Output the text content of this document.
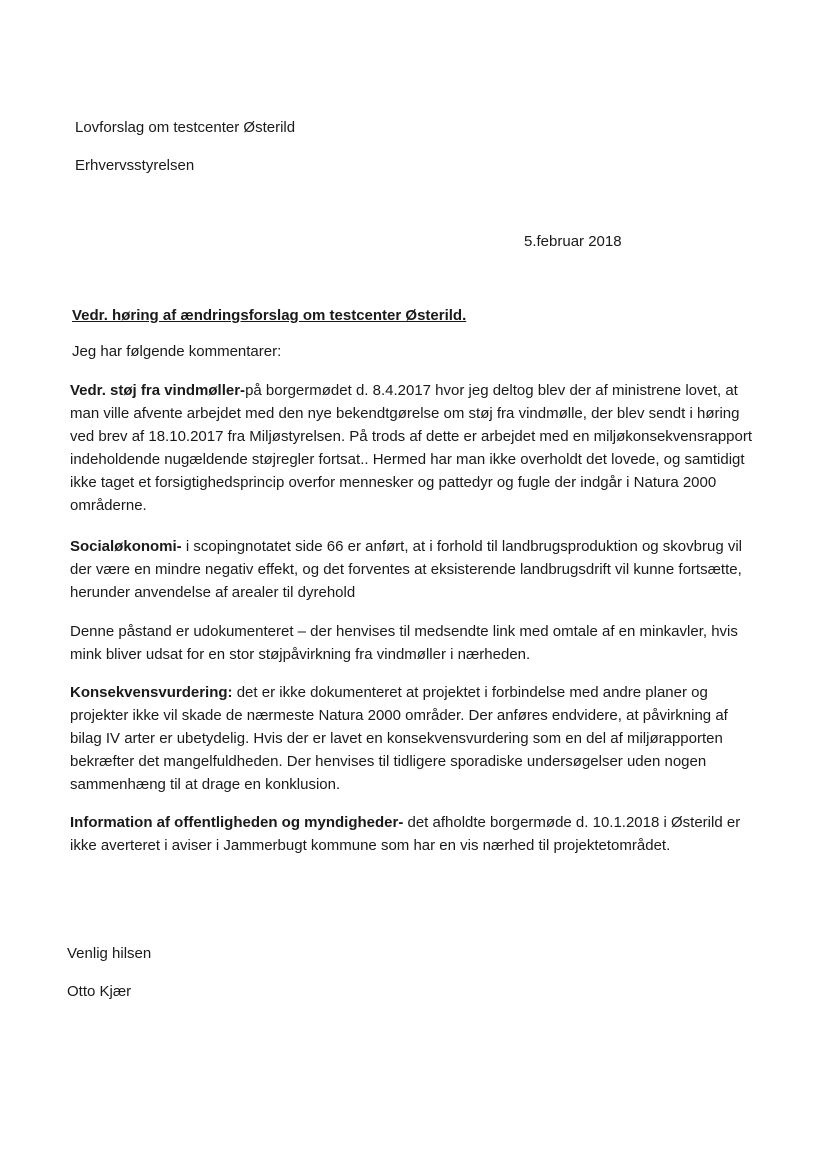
Lovforslag om testcenter Østerild
Erhvervsstyrelsen
5.februar 2018
Vedr. høring af ændringsforslag om testcenter Østerild.
Jeg har følgende kommentarer:

Vedr. støj fra vindmøller-på borgermødet d. 8.4.2017 hvor jeg deltog blev der af ministrene lovet, at man ville afvente arbejdet med den nye bekendtgørelse om støj fra vindmølle, der blev sendt i høring ved brev af 18.10.2017 fra Miljøstyrelsen. På trods af dette er arbejdet med en miljøkonsekvensrapport indeholdende nugældende støjregler fortsat.. Hermed har man ikke overholdt det lovede, og samtidigt ikke taget et forsigtighedsprincip overfor mennesker og pattedyr og fugle der indgår i Natura 2000 områderne.

Socialøkonomi- i scopingnotatet side 66 er anført, at i forhold til landbrugsproduktion og skovbrug vil der være en mindre negativ effekt, og det forventes at eksisterende landbrugsdrift vil kunne fortsætte, herunder anvendelse af arealer til dyrehold

Denne påstand er udokumenteret – der henvises til medsendte link med omtale af en minkavler, hvis mink bliver udsat for en stor støjpåvirkning fra vindmøller i nærheden.

Konsekvensvurdering: det er ikke dokumenteret at projektet i forbindelse med andre planer og projekter ikke vil skade de nærmeste Natura 2000 områder. Der anføres endvidere, at påvirkning af bilag IV arter er ubetydelig. Hvis der er lavet en konsekvensvurdering som en del af miljørapporten bekræfter det mangelfuldheden. Der henvises til tidligere sporadiske undersøgelser uden nogen sammenhæng til at drage en konklusion.

Information af offentligheden og myndigheder- det afholdte borgermøde d. 10.1.2018 i Østerild er ikke averteret i aviser i Jammerbugt kommune som har en vis nærhed til projektetområdet.

Venlig hilsen
Otto Kjær
